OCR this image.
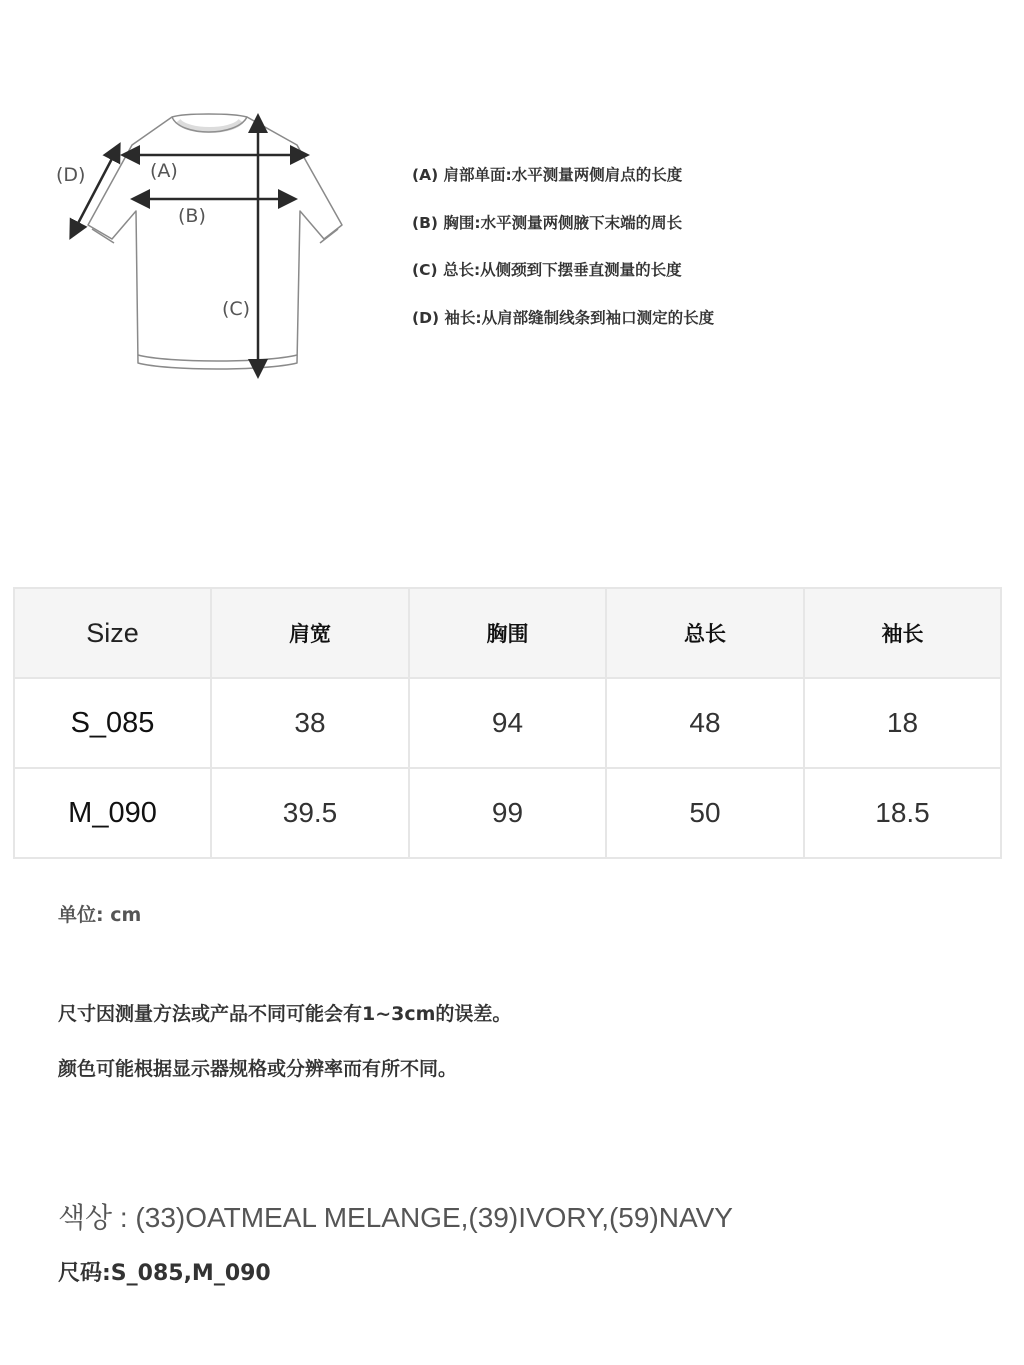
(A)
(B)
(C)
(D)	(A) 肩部单面:水平测量两侧肩点的长度
(B) 胸围:水平测量两侧腋下末端的周长
(C) 总长:从侧颈到下摆垂直测量的长度
(D) 袖长:从肩部缝制线条到袖口测定的长度
Size	肩宽	胸围	总长	袖长
S_085	38	94	48	18
M_090	39.5	99	50	18.5
单位: cm
尺寸因测量方法或产品不同可能会有1~3cm的误差。
颜色可能根据显示器规格或分辨率而有所不同。
색상 : (33)OATMEAL MELANGE,(39)IVORY,(59)NAVY
尺码:S_085,M_090
